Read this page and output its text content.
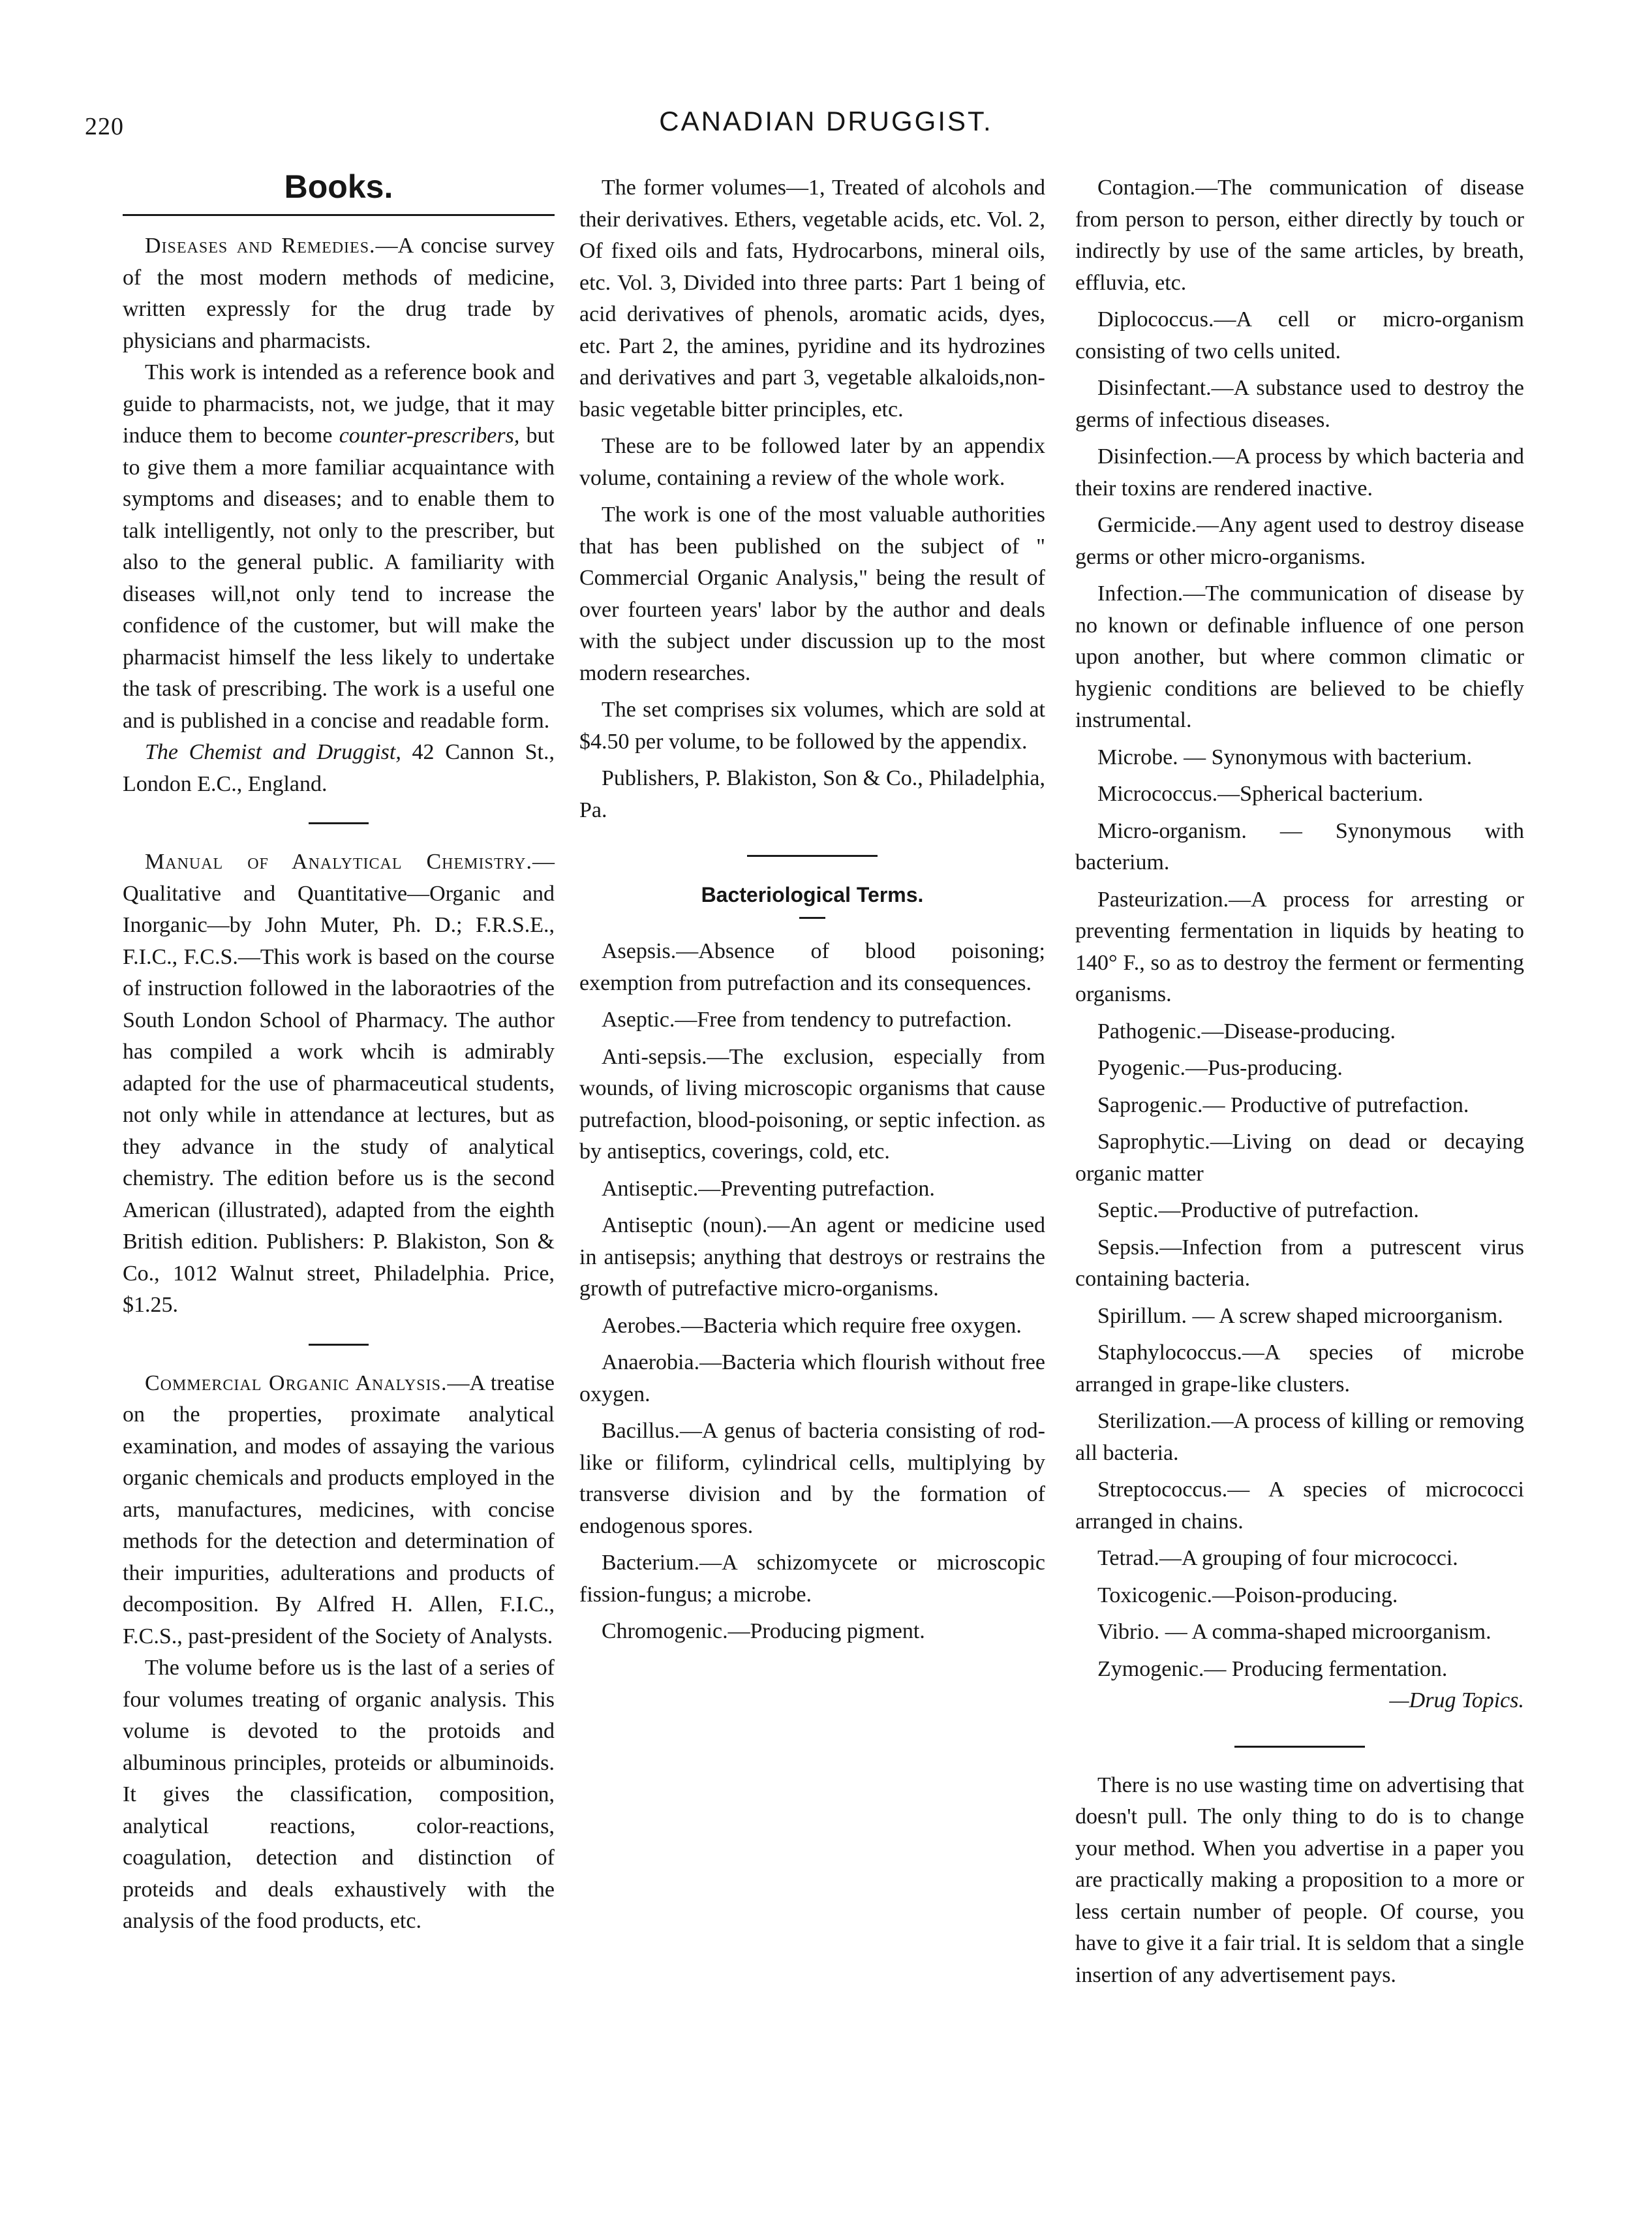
220	CANADIAN DRUGGIST.
Books.

Diseases and Remedies.—A concise survey of the most modern methods of medicine, written expressly for the drug trade by physicians and pharmacists.

This work is intended as a reference book and guide to pharmacists, not, we judge, that it may induce them to become counter-prescribers, but to give them a more familiar acquaintance with symptoms and diseases; and to enable them to talk intelligently, not only to the prescriber, but also to the general public. A familiarity with diseases will,not only tend to increase the confidence of the customer, but will make the pharmacist himself the less likely to undertake the task of prescribing. The work is a useful one and is published in a concise and readable form.

The Chemist and Druggist, 42 Cannon St., London E.C., England.

Manual of Analytical Chemistry.—Qualitative and Quantitative—Organic and Inorganic—by John Muter, Ph. D.; F.R.S.E., F.I.C., F.C.S.—This work is based on the course of instruction followed in the laboraotries of the South London School of Pharmacy. The author has compiled a work whcih is admirably adapted for the use of pharmaceutical students, not only while in attendance at lectures, but as they advance in the study of analytical chemistry. The edition before us is the second American (illustrated), adapted from the eighth British edition. Publishers: P. Blakiston, Son & Co., 1012 Walnut street, Philadelphia. Price, $1.25.

Commercial Organic Analysis.—A treatise on the properties, proximate analytical examination, and modes of assaying the various organic chemicals and products employed in the arts, manufactures, medicines, with concise methods for the detection and determination of their impurities, adulterations and products of decomposition. By Alfred H. Allen, F.I.C., F.C.S., past-president of the Society of Analysts.

The volume before us is the last of a series of four volumes treating of organic analysis. This volume is devoted to the protoids and albuminous principles, proteids or albuminoids. It gives the classification, composition, analytical reactions, color-reactions, coagulation, detection and distinction of proteids and deals exhaustively with the analysis of the food products, etc.

The former volumes—1, Treated of alcohols and their derivatives. Ethers, vegetable acids, etc. Vol. 2, Of fixed oils and fats, Hydrocarbons, mineral oils, etc. Vol. 3, Divided into three parts: Part 1 being of acid derivatives of phenols, aromatic acids, dyes, etc. Part 2, the amines, pyridine and its hydrozines and derivatives and part 3, vegetable alkaloids,non-basic vegetable bitter principles, etc.

These are to be followed later by an appendix volume, containing a review of the whole work.

The work is one of the most valuable authorities that has been published on the subject of " Commercial Organic Analysis," being the result of over fourteen years' labor by the author and deals with the subject under discussion up to the most modern researches.

The set comprises six volumes, which are sold at $4.50 per volume, to be followed by the appendix.

Publishers, P. Blakiston, Son & Co., Philadelphia, Pa.

Bacteriological Terms.

Asepsis.—Absence of blood poisoning; exemption from putrefaction and its consequences.

Aseptic.—Free from tendency to putrefaction.

Anti-sepsis.—The exclusion, especially from wounds, of living microscopic organisms that cause putrefaction, blood-poisoning, or septic infection. as by antiseptics, coverings, cold, etc.

Antiseptic.—Preventing putrefaction.

Antiseptic (noun).—An agent or medicine used in antisepsis; anything that destroys or restrains the growth of putrefactive micro-organisms.

Aerobes.—Bacteria which require free oxygen.

Anaerobia.—Bacteria which flourish without free oxygen.

Bacillus.—A genus of bacteria consisting of rod-like or filiform, cylindrical cells, multiplying by transverse division and by the formation of endogenous spores.

Bacterium.—A schizomycete or microscopic fission-fungus; a microbe.

Chromogenic.—Producing pigment.

Contagion.—The communication of disease from person to person, either directly by touch or indirectly by use of the same articles, by breath, effluvia, etc.

Diplococcus.—A cell or micro-organism consisting of two cells united.

Disinfectant.—A substance used to destroy the germs of infectious diseases.

Disinfection.—A process by which bacteria and their toxins are rendered inactive.

Germicide.—Any agent used to destroy disease germs or other micro-organisms.

Infection.—The communication of disease by no known or definable influence of one person upon another, but where common climatic or hygienic conditions are believed to be chiefly instrumental.

Microbe. — Synonymous with bacterium.

Micrococcus.—Spherical bacterium.

Micro-organism. — Synonymous with bacterium.

Pasteurization.—A process for arresting or preventing fermentation in liquids by heating to 140° F., so as to destroy the ferment or fermenting organisms.

Pathogenic.—Disease-producing.

Pyogenic.—Pus-producing.

Saprogenic.— Productive of putrefaction.

Saprophytic.—Living on dead or decaying organic matter

Septic.—Productive of putrefaction.

Sepsis.—Infection from a putrescent virus containing bacteria.

Spirillum. — A screw shaped microorganism.

Staphylococcus.—A species of microbe arranged in grape-like clusters.

Sterilization.—A process of killing or removing all bacteria.

Streptococcus.— A species of micrococci arranged in chains.

Tetrad.—A grouping of four micrococci.

Toxicogenic.—Poison-producing.

Vibrio. — A comma-shaped microorganism.

Zymogenic.— Producing fermentation.

—Drug Topics.

There is no use wasting time on advertising that doesn't pull. The only thing to do is to change your method. When you advertise in a paper you are practically making a proposition to a more or less certain number of people. Of course, you have to give it a fair trial. It is seldom that a single insertion of any advertisement pays.
